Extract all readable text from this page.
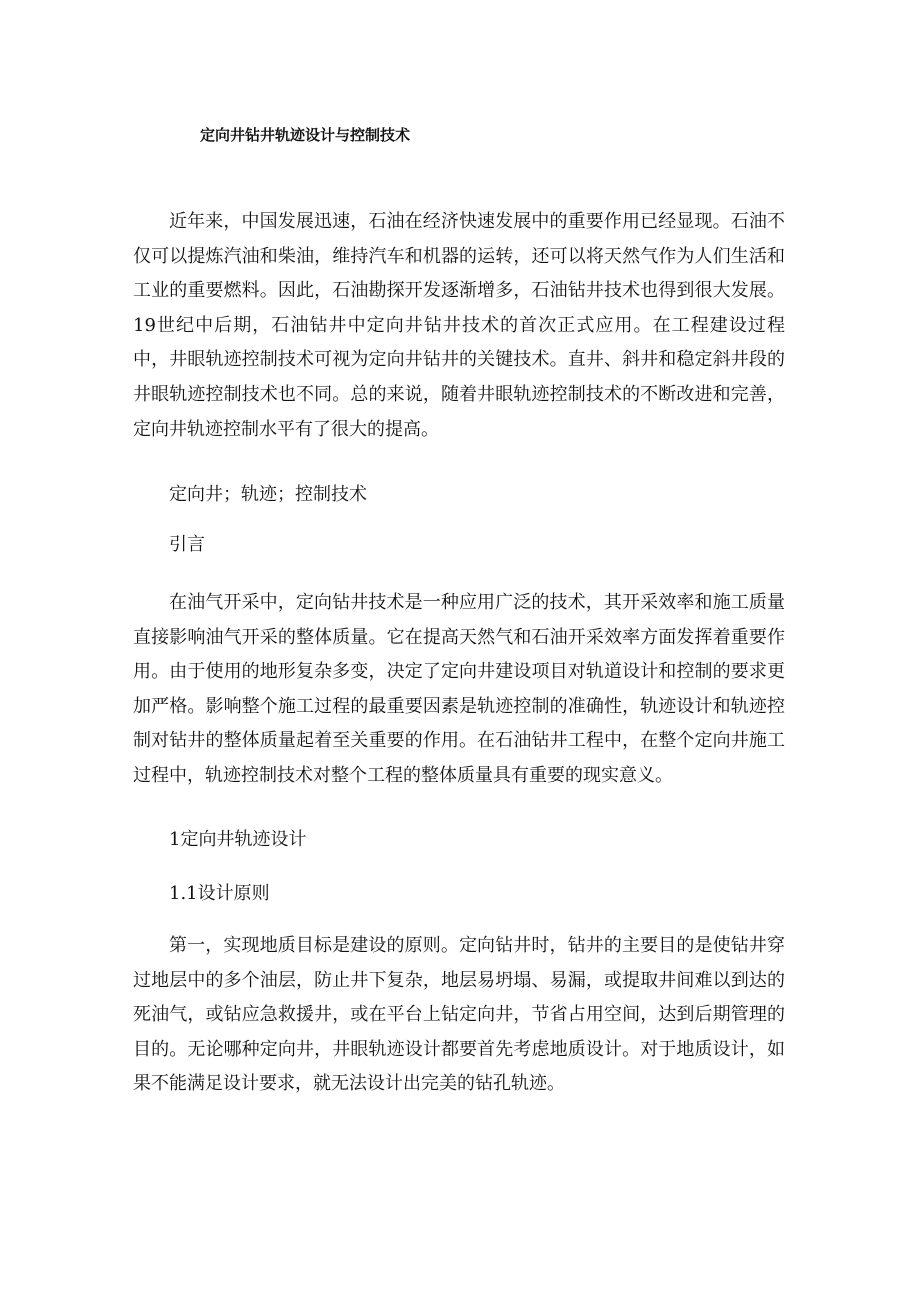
定向井钻井轨迹设计与控制技术

近年来，中国发展迅速，石油在经济快速发展中的重要作用已经显现。石油不仅可以提炼汽油和柴油，维持汽车和机器的运转，还可以将天然气作为人们生活和工业的重要燃料。因此，石油勘探开发逐渐增多，石油钻井技术也得到很大发展。19世纪中后期，石油钻井中定向井钻井技术的首次正式应用。在工程建设过程中，井眼轨迹控制技术可视为定向井钻井的关键技术。直井、斜井和稳定斜井段的井眼轨迹控制技术也不同。总的来说，随着井眼轨迹控制技术的不断改进和完善，定向井轨迹控制水平有了很大的提高。

定向井；轨迹；控制技术

引言

在油气开采中，定向钻井技术是一种应用广泛的技术，其开采效率和施工质量直接影响油气开采的整体质量。它在提高天然气和石油开采效率方面发挥着重要作用。由于使用的地形复杂多变，决定了定向井建设项目对轨道设计和控制的要求更加严格。影响整个施工过程的最重要因素是轨迹控制的准确性，轨迹设计和轨迹控制对钻井的整体质量起着至关重要的作用。在石油钻井工程中，在整个定向井施工过程中，轨迹控制技术对整个工程的整体质量具有重要的现实意义。

1定向井轨迹设计

1.1设计原则

第一，实现地质目标是建设的原则。定向钻井时，钻井的主要目的是使钻井穿过地层中的多个油层，防止井下复杂，地层易坍塌、易漏，或提取井间难以到达的死油气，或钻应急救援井，或在平台上钻定向井，节省占用空间，达到后期管理的目的。无论哪种定向井，井眼轨迹设计都要首先考虑地质设计。对于地质设计，如果不能满足设计要求，就无法设计出完美的钻孔轨迹。
